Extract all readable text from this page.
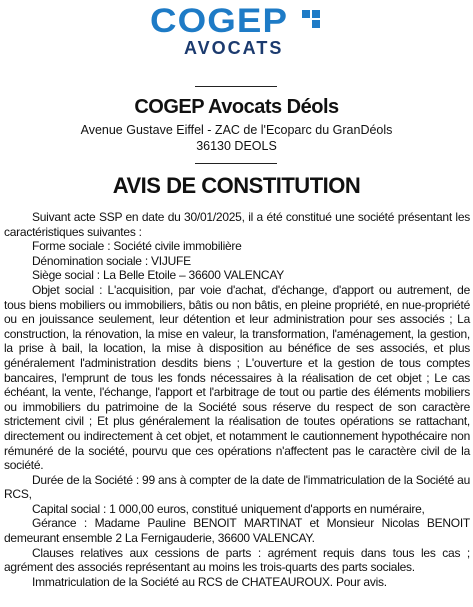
COGEP
AVOCATS
COGEP Avocats Déols
Avenue Gustave Eiffel - ZAC de l'Ecoparc du GranDéols
36130 DEOLS
AVIS DE CONSTITUTION

Suivant acte SSP en date du 30/01/2025, il a été constitué une société présentant les caractéristiques suivantes :

Forme sociale : Société civile immobilière

Dénomination sociale : VIJUFE

Siège social : La Belle Etoile – 36600 VALENCAY

Objet social : L'acquisition, par voie d'achat, d'échange, d'apport ou autrement, de tous biens mobiliers ou immobiliers, bâtis ou non bâtis, en pleine propriété, en nue-propriété ou en jouissance seulement, leur détention et leur administration pour ses associés ; La construction, la rénovation, la mise en valeur, la transformation, l'aménagement, la gestion, la prise à bail, la location, la mise à disposition au bénéfice de ses associés, et plus généralement l'administration desdits biens ; L'ouverture et la gestion de tous comptes bancaires, l'emprunt de tous les fonds nécessaires à la réalisation de cet objet ; Le cas échéant, la vente, l'échange, l'apport et l'arbitrage de tout ou partie des éléments mobiliers ou immobiliers du patrimoine de la Société sous réserve du respect de son caractère strictement civil ; Et plus généralement la réalisation de toutes opérations se rattachant, directement ou indirectement à cet objet, et notamment le cautionnement hypothécaire non rémunéré de la société, pourvu que ces opérations n'affectent pas le caractère civil de la société.

Durée de la Société : 99 ans à compter de la date de l'immatriculation de la Société au RCS,

Capital social : 1 000,00 euros, constitué uniquement d'apports en numéraire,

Gérance : Madame Pauline BENOIT MARTINAT et Monsieur Nicolas BENOIT demeurant ensemble 2 La Fernigauderie, 36600 VALENCAY.

Clauses relatives aux cessions de parts : agrément requis dans tous les cas ; agrément des associés représentant au moins les trois-quarts des parts sociales.

Immatriculation de la Société au RCS de CHATEAUROUX. Pour avis.
